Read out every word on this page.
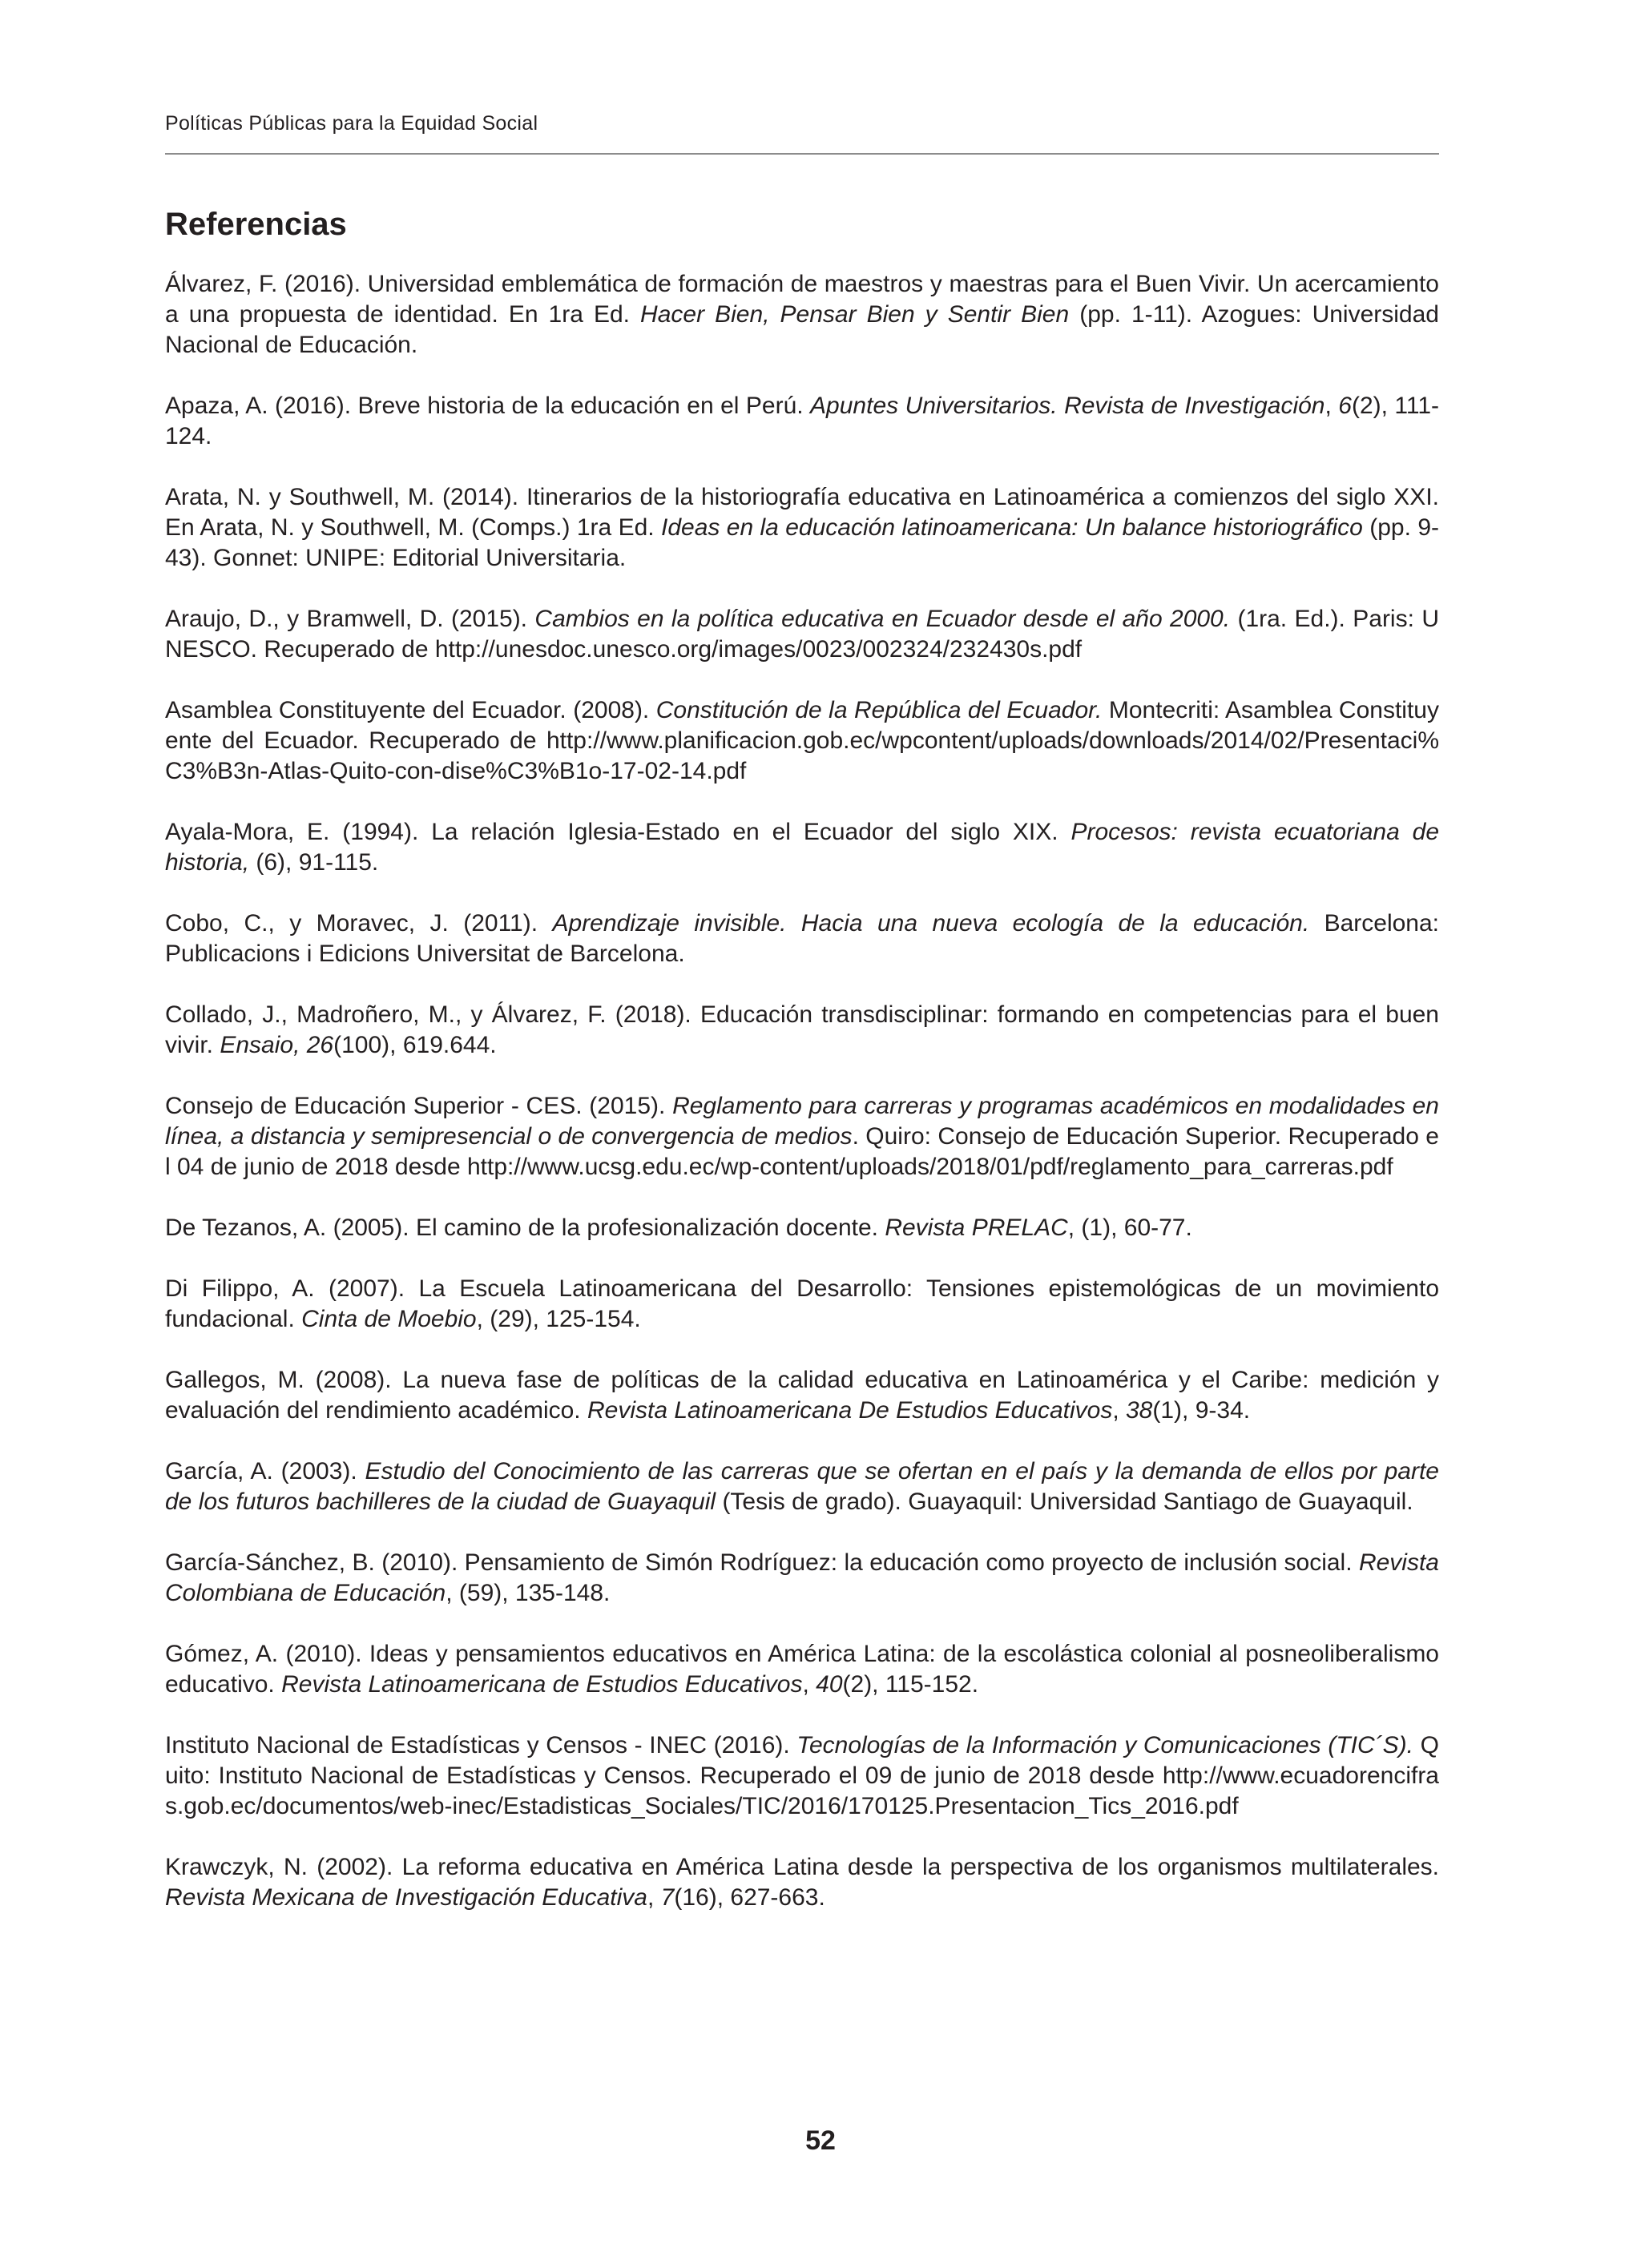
Políticas Públicas para la Equidad Social
Referencias

Álvarez, F. (2016). Universidad emblemática de formación de maestros y maestras para el Buen Vivir. Un acercamiento a una propuesta de identidad. En 1ra Ed. Hacer Bien, Pensar Bien y Sentir Bien (pp. 1-11). Azogues: Universidad Nacional de Educación.

Apaza, A. (2016). Breve historia de la educación en el Perú. Apuntes Universitarios. Revista de Investigación, 6(2), 111-124.

Arata, N. y Southwell, M. (2014). Itinerarios de la historiografía educativa en Latinoamérica a comienzos del siglo XXI. En Arata, N. y Southwell, M. (Comps.) 1ra Ed. Ideas en la educación latinoamericana: Un balance historiográfico (pp. 9-43). Gonnet: UNIPE: Editorial Universitaria.

Araujo, D., y Bramwell, D. (2015). Cambios en la política educativa en Ecuador desde el año 2000. (1ra. Ed.). Paris: UNESCO. Recuperado de http://unesdoc.unesco.org/images/0023/002324/232430s.pdf

Asamblea Constituyente del Ecuador. (2008). Constitución de la República del Ecuador. Montecriti: Asamblea Constituyente del Ecuador. Recuperado de http://www.planificacion.gob.ec/wpcontent/uploads/downloads/2014/02/Presentaci%C3%B3n-Atlas-Quito-con-dise%C3%B1o-17-02-14.pdf

Ayala-Mora, E. (1994). La relación Iglesia-Estado en el Ecuador del siglo XIX. Procesos: revista ecuatoriana de historia, (6), 91-115.

Cobo, C., y Moravec, J. (2011). Aprendizaje invisible. Hacia una nueva ecología de la educación. Barcelona: Publicacions i Edicions Universitat de Barcelona.

Collado, J., Madroñero, M., y Álvarez, F. (2018). Educación transdisciplinar: formando en competencias para el buen vivir. Ensaio, 26(100), 619.644.

Consejo de Educación Superior - CES. (2015). Reglamento para carreras y programas académicos en modalidades en línea, a distancia y semipresencial o de convergencia de medios. Quiro: Consejo de Educación Superior. Recuperado el 04 de junio de 2018 desde http://www.ucsg.edu.ec/wp-content/uploads/2018/01/pdf/reglamento_para_carreras.pdf

De Tezanos, A. (2005). El camino de la profesionalización docente. Revista PRELAC, (1), 60-77.

Di Filippo, A. (2007). La Escuela Latinoamericana del Desarrollo: Tensiones epistemológicas de un movimiento fundacional. Cinta de Moebio, (29), 125-154.

Gallegos, M. (2008). La nueva fase de políticas de la calidad educativa en Latinoamérica y el Caribe: medición y evaluación del rendimiento académico. Revista Latinoamericana De Estudios Educativos, 38(1), 9-34.

García, A. (2003). Estudio del Conocimiento de las carreras que se ofertan en el país y la demanda de ellos por parte de los futuros bachilleres de la ciudad de Guayaquil (Tesis de grado). Guayaquil: Universidad Santiago de Guayaquil.

García-Sánchez, B. (2010). Pensamiento de Simón Rodríguez: la educación como proyecto de inclusión social. Revista Colombiana de Educación, (59), 135-148.

Gómez, A. (2010). Ideas y pensamientos educativos en América Latina: de la escolástica colonial al posneoliberalismo educativo. Revista Latinoamericana de Estudios Educativos, 40(2), 115-152.

Instituto Nacional de Estadísticas y Censos - INEC (2016). Tecnologías de la Información y Comunicaciones (TIC´S). Quito: Instituto Nacional de Estadísticas y Censos. Recuperado el 09 de junio de 2018 desde http://www.ecuadorencifras.gob.ec/documentos/web-inec/Estadisticas_Sociales/TIC/2016/170125.Presentacion_Tics_2016.pdf

Krawczyk, N. (2002). La reforma educativa en América Latina desde la perspectiva de los organismos multilaterales. Revista Mexicana de Investigación Educativa, 7(16), 627-663.

52
